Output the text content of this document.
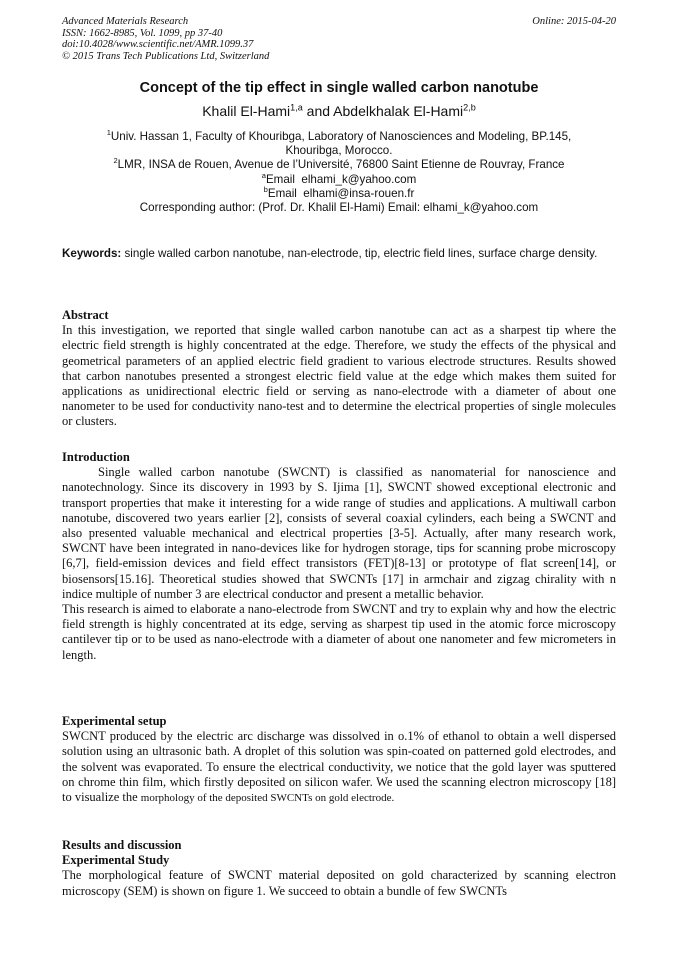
Advanced Materials Research
ISSN: 1662-8985, Vol. 1099, pp 37-40
doi:10.4028/www.scientific.net/AMR.1099.37
© 2015 Trans Tech Publications Ltd, Switzerland
Online: 2015-04-20
Concept of the tip effect in single walled carbon nanotube
Khalil El-Hami$^{1,a}$ and Abdelkhalak El-Hami$^{2,b}$
$^1$Univ. Hassan 1, Faculty of Khouribga, Laboratory of Nanosciences and Modeling, BP.145,
Khouribga, Morocco.
$^2$LMR, INSA de Rouen, Avenue de l’Université, 76800 Saint Etienne de Rouvray, France
$^a$Email  elhami_k@yahoo.com
$^b$Email  elhami@insa-rouen.fr
Corresponding author: (Prof. Dr. Khalil El-Hami) Email: elhami_k@yahoo.com
Keywords: single walled carbon nanotube, nan-electrode, tip, electric field lines, surface charge density.
Abstract

In this investigation, we reported that single walled carbon nanotube can act as a sharpest tip where the electric field strength is highly concentrated at the edge. Therefore, we study the effects of the physical and geometrical parameters of an applied electric field gradient to various electrode structures. Results showed that carbon nanotubes presented a strongest electric field value at the edge which makes them suited for applications as unidirectional electric field or serving as nano-electrode with a diameter of about one nanometer to be used for conductivity nano-test and to determine the electrical properties of single molecules or clusters.

Introduction

Single walled carbon nanotube (SWCNT) is classified as nanomaterial for nanoscience and nanotechnology. Since its discovery in 1993 by S. Ijima [1], SWCNT showed exceptional electronic and transport properties that make it interesting for a wide range of studies and applications. A multiwall carbon nanotube, discovered two years earlier [2], consists of several coaxial cylinders, each being a SWCNT and also presented valuable mechanical and electrical properties [3-5]. Actually, after many research work, SWCNT have been integrated in nano-devices like for hydrogen storage, tips for scanning probe microscopy [6,7], field-emission devices and field effect transistors (FET)[8-13] or prototype of flat screen[14], or biosensors[15.16]. Theoretical studies showed that SWCNTs [17] in armchair and zigzag chirality with n indice multiple of number 3 are electrical conductor and present a metallic behavior.

This research is aimed to elaborate a nano-electrode from SWCNT and try to explain why and how the electric field strength is highly concentrated at its edge, serving as sharpest tip used in the atomic force microscopy cantilever tip or to be used as nano-electrode with a diameter of about one nanometer and few micrometers in length.

Experimental setup

SWCNT produced by the electric arc discharge was dissolved in o.1% of ethanol to obtain a well dispersed solution using an ultrasonic bath. A droplet of this solution was spin-coated on patterned gold electrodes, and the solvent was evaporated. To ensure the electrical conductivity, we notice that the gold layer was sputtered on chrome thin film, which firstly deposited on silicon wafer. We used the scanning electron microscopy [18] to visualize the morphology of the deposited SWCNTs on gold electrode.

Results and discussion
Experimental Study

The morphological feature of SWCNT material deposited on gold characterized by scanning electron microscopy (SEM) is shown on figure 1. We succeed to obtain a bundle of few SWCNTs
